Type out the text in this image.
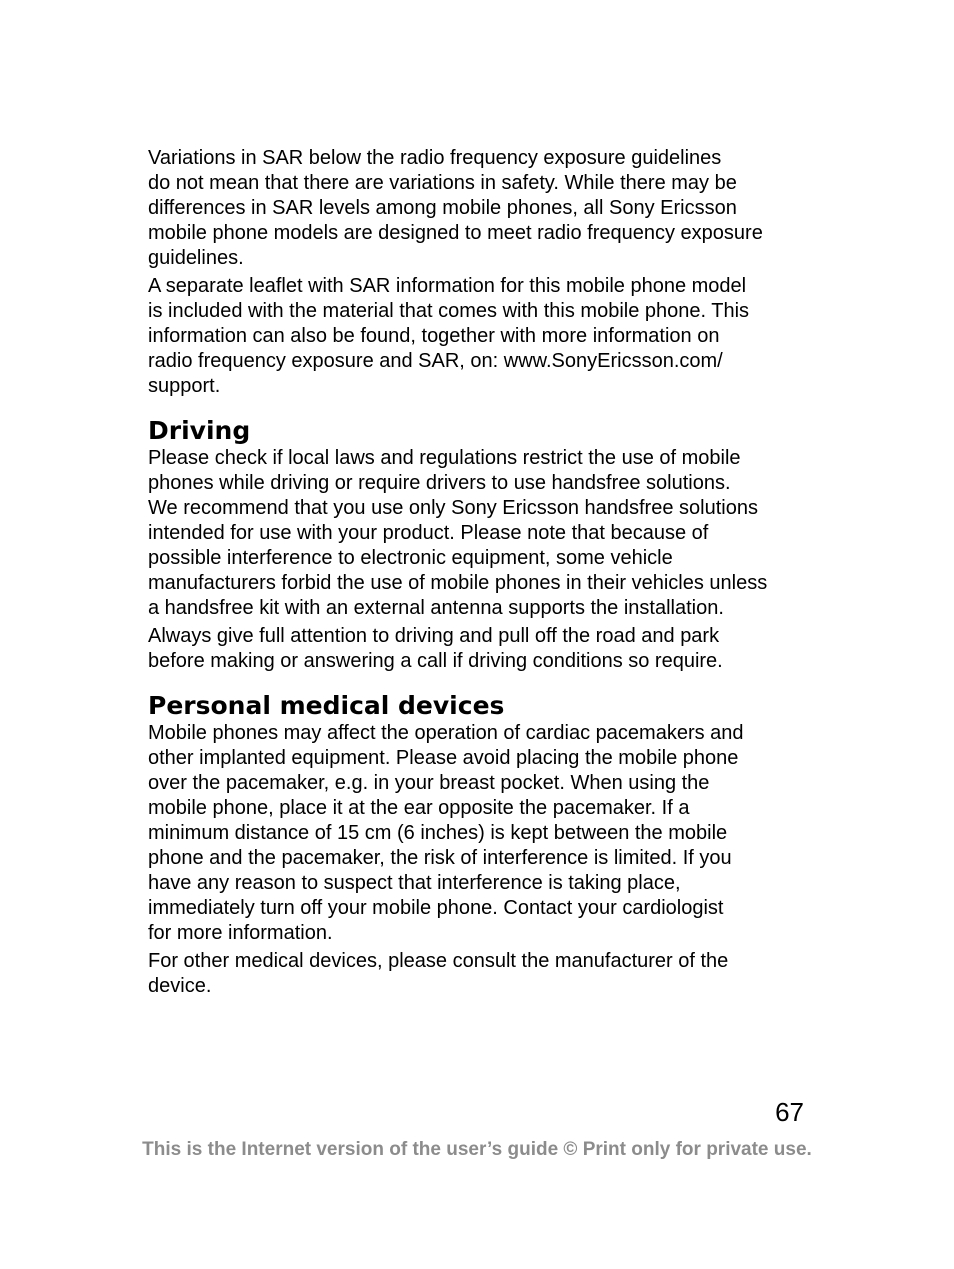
Variations in SAR below the radio frequency exposure guidelines
do not mean that there are variations in safety. While there may be
differences in SAR levels among mobile phones, all Sony Ericsson
mobile phone models are designed to meet radio frequency exposure
guidelines.

A separate leaflet with SAR information for this mobile phone model
is included with the material that comes with this mobile phone. This
information can also be found, together with more information on
radio frequency exposure and SAR, on: www.SonyEricsson.com/
support.

Driving

Please check if local laws and regulations restrict the use of mobile
phones while driving or require drivers to use handsfree solutions.
We recommend that you use only Sony Ericsson handsfree solutions
intended for use with your product. Please note that because of
possible interference to electronic equipment, some vehicle
manufacturers forbid the use of mobile phones in their vehicles unless
a handsfree kit with an external antenna supports the installation.

Always give full attention to driving and pull off the road and park
before making or answering a call if driving conditions so require.

Personal medical devices

Mobile phones may affect the operation of cardiac pacemakers and
other implanted equipment. Please avoid placing the mobile phone
over the pacemaker, e.g. in your breast pocket. When using the
mobile phone, place it at the ear opposite the pacemaker. If a
minimum distance of 15 cm (6 inches) is kept between the mobile
phone and the pacemaker, the risk of interference is limited. If you
have any reason to suspect that interference is taking place,
immediately turn off your mobile phone. Contact your cardiologist
for more information.

For other medical devices, please consult the manufacturer of the
device.

67
This is the Internet version of the user’s guide © Print only for private use.
